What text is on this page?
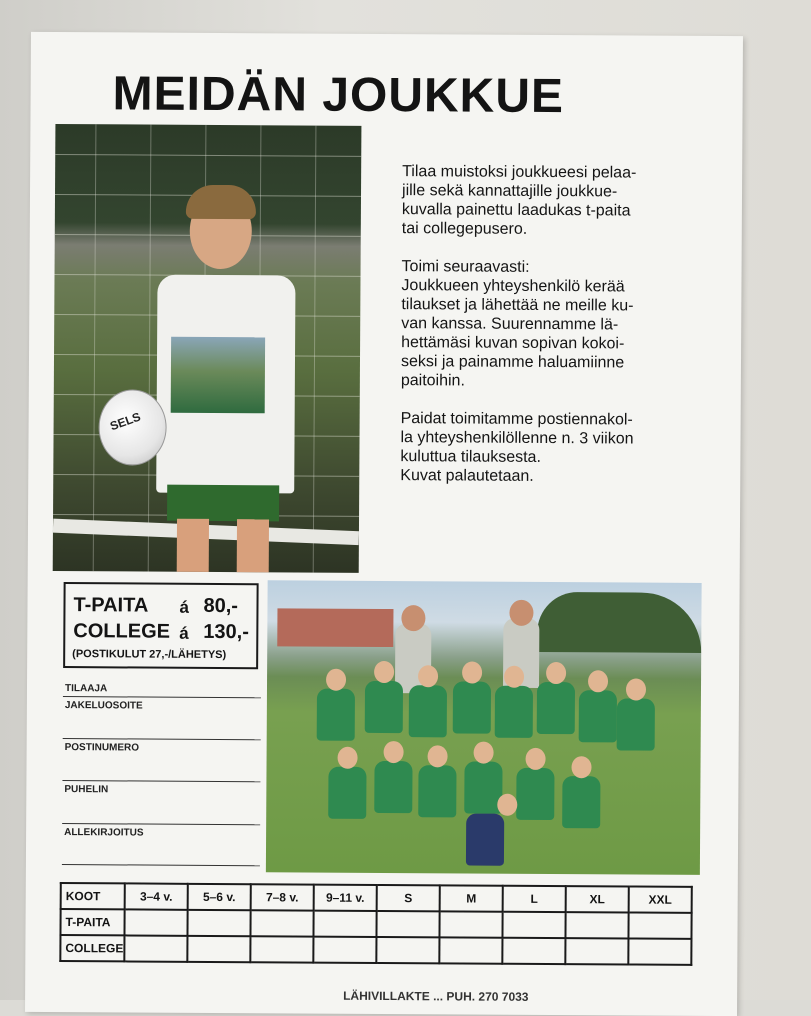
MEIDÄN JOUKKUE
SELS

Tilaa muistoksi joukkueesi pelaa-
jille sekä kannattajille joukkue-
kuvalla painettu laadukas t-paita
tai collegepusero.

Toimi seuraavasti:
Joukkueen yhteyshenkilö kerää
tilaukset ja lähettää ne meille ku-
van kanssa. Suurennamme lä-
hettämäsi kuvan sopivan kokoi-
seksi ja painamme haluamiinne
paitoihin.

Paidat toimitamme postiennakol-
la yhteyshenkilöllenne n. 3 viikon
kuluttua tilauksesta.
Kuvat palautetaan.

T-PAITA á 80,-
COLLEGE á 130,-
(POSTIKULUT 27,-/LÄHETYS)
TILAAJA
JAKELUOSOITE
POSTINUMERO
PUHELIN
ALLEKIRJOITUS
KOOT	3–4 v.	5–6 v.	7–8 v.	9–11 v.	S	M	L	XL	XXL
T-PAITA									
COLLEGE									
LÄHIVILLAKTE ... PUH. 270 7033
